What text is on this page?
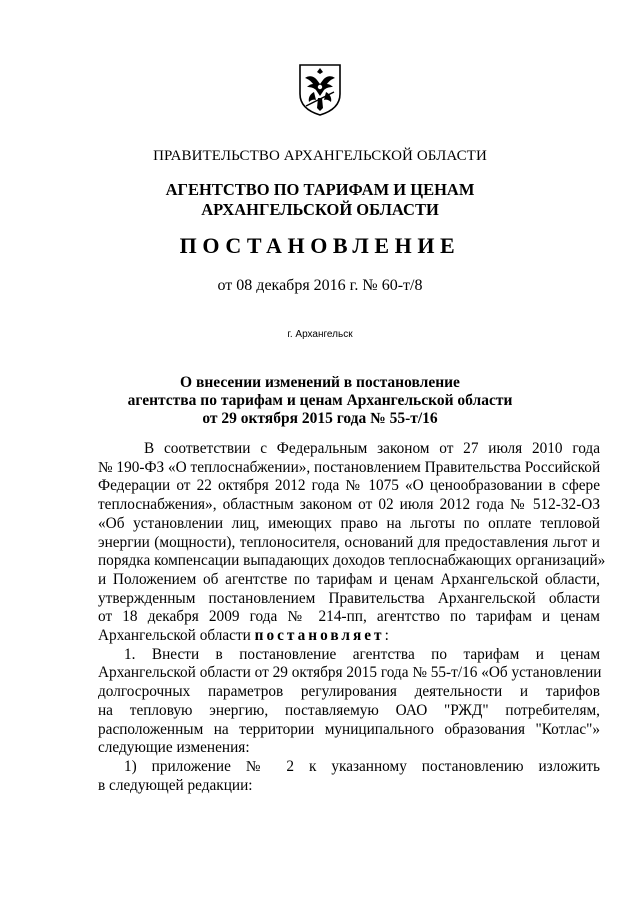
ПРАВИТЕЛЬСТВО АРХАНГЕЛЬСКОЙ ОБЛАСТИ
АГЕНТСТВО ПО ТАРИФАМ И ЦЕНАМ
АРХАНГЕЛЬСКОЙ ОБЛАСТИ
ПОСТАНОВЛЕНИЕ
от 08 декабря 2016 г. № 60-т/8
г. Архангельск
О внесении изменений в постановление
агентства по тарифам и ценам Архангельской области
от 29 октября 2015 года № 55-т/16

В соответствии с Федеральным законом от 27 июля 2010 года
№ 190-ФЗ «О теплоснабжении», постановлением Правительства Российской
Федерации от 22 октября 2012 года № 1075 «О ценообразовании в сфере
теплоснабжения», областным законом от 02 июля 2012 года № 512-32-ОЗ
«Об установлении лиц, имеющих право на льготы по оплате тепловой
энергии (мощности), теплоносителя, оснований для предоставления льгот и
порядка компенсации выпадающих доходов теплоснабжающих организаций»
и Положением об агентстве по тарифам и ценам Архангельской области,
утвержденным постановлением Правительства Архангельской области
от 18 декабря 2009 года № 214-пп, агентство по тарифам и ценам
Архангельской области постановляет:

1. Внести в постановление агентства по тарифам и ценам
Архангельской области от 29 октября 2015 года № 55-т/16 «Об установлении
долгосрочных параметров регулирования деятельности и тарифов
на тепловую энергию, поставляемую ОАО "РЖД" потребителям,
расположенным на территории муниципального образования "Котлас"»
следующие изменения:

1) приложение № 2 к указанному постановлению изложить
в следующей редакции:
